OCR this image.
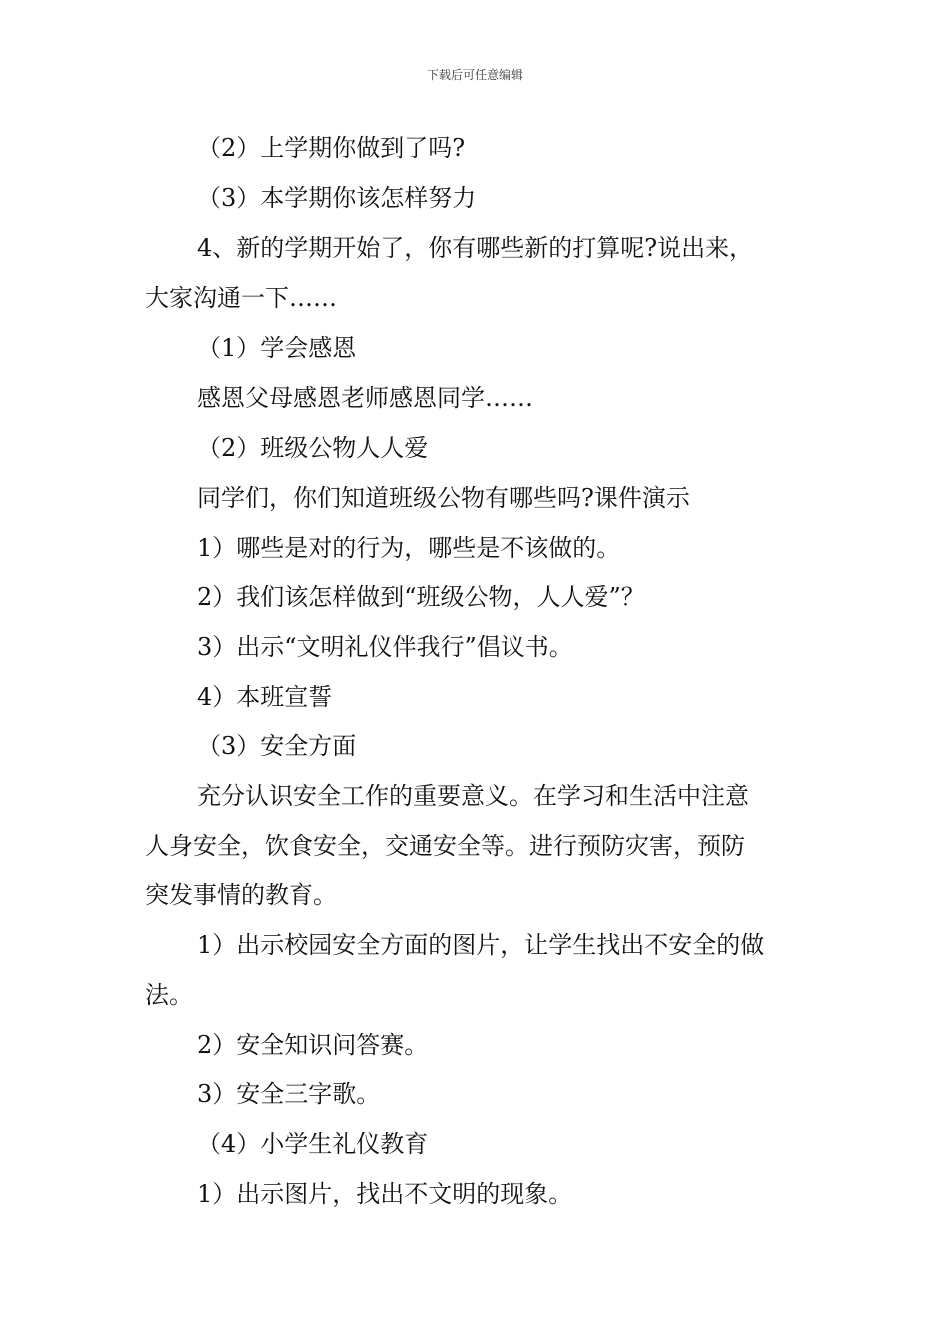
下载后可任意编辑
（2）上学期你做到了吗?
（3）本学期你该怎样努力
4、新的学期开始了，你有哪些新的打算呢?说出来，
大家沟通一下……
（1）学会感恩
感恩父母感恩老师感恩同学……
（2）班级公物人人爱
同学们，你们知道班级公物有哪些吗?课件演示
1）哪些是对的行为，哪些是不该做的。
2）我们该怎样做到“班级公物，人人爱”？
3）出示“文明礼仪伴我行”倡议书。
4）本班宣誓
（3）安全方面
充分认识安全工作的重要意义。在学习和生活中注意
人身安全，饮食安全，交通安全等。进行预防灾害，预防
突发事情的教育。
1）出示校园安全方面的图片，让学生找出不安全的做
法。
2）安全知识问答赛。
3）安全三字歌。
（4）小学生礼仪教育
1）出示图片，找出不文明的现象。
